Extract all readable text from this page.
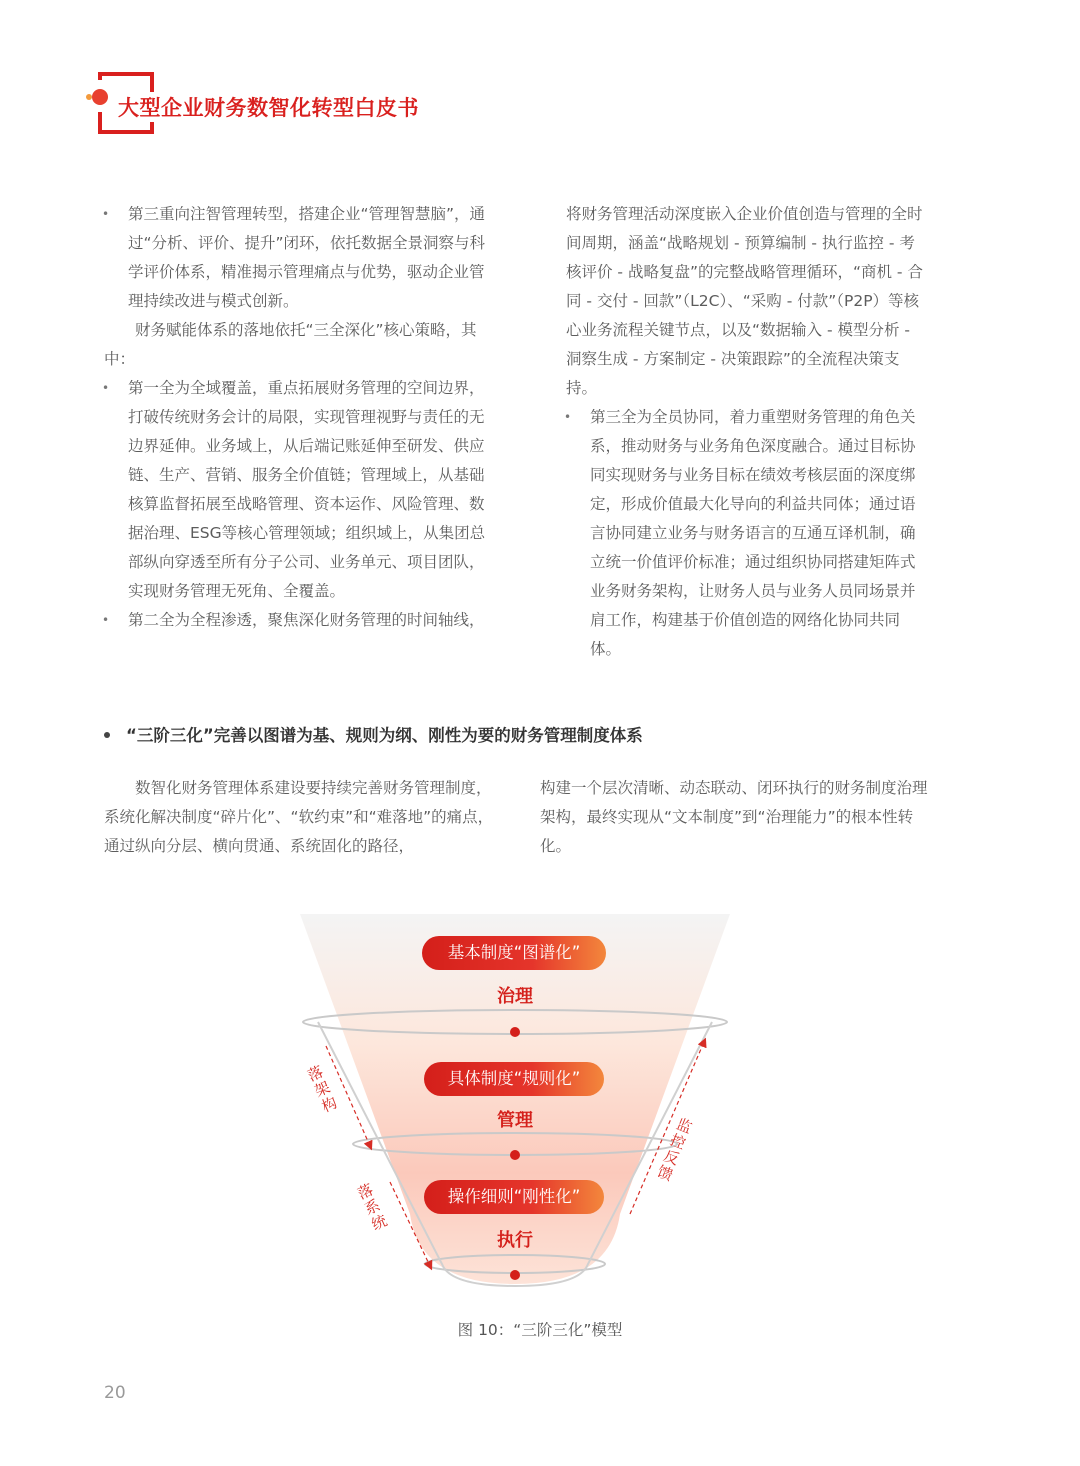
大型企业财务数智化转型白皮书

• 第三重向注智管理转型，搭建企业“管理智慧脑”，通过“分析、评价、提升”闭环，依托数据全景洞察与科学评价体系，精准揭示管理痛点与优势，驱动企业管理持续改进与模式创新。

财务赋能体系的落地依托“三全深化”核心策略，其中：

• 第一全为全域覆盖，重点拓展财务管理的空间边界，打破传统财务会计的局限，实现管理视野与责任的无边界延伸。业务域上，从后端记账延伸至研发、供应链、生产、营销、服务全价值链；管理域上，从基础核算监督拓展至战略管理、资本运作、风险管理、数据治理、ESG等核心管理领域；组织域上，从集团总部纵向穿透至所有分子公司、业务单元、项目团队，实现财务管理无死角、全覆盖。

• 第二全为全程渗透，聚焦深化财务管理的时间轴线，

将财务管理活动深度嵌入企业价值创造与管理的全时间周期，涵盖“战略规划 - 预算编制 - 执行监控 - 考核评价 - 战略复盘”的完整战略管理循环，“商机 - 合同 - 交付 - 回款”（L2C）、“采购 - 付款”（P2P）等核心业务流程关键节点，以及“数据输入 - 模型分析 - 洞察生成 - 方案制定 - 决策跟踪”的全流程决策支持。

• 第三全为全员协同，着力重塑财务管理的角色关系，推动财务与业务角色深度融合。通过目标协同实现财务与业务目标在绩效考核层面的深度绑定，形成价值最大化导向的利益共同体；通过语言协同建立业务与财务语言的互通互译机制，确立统一价值评价标准；通过组织协同搭建矩阵式业务财务架构，让财务人员与业务人员同场景并肩工作，构建基于价值创造的网络化协同共同体。

“三阶三化”完善以图谱为基、规则为纲、刚性为要的财务管理制度体系

数智化财务管理体系建设要持续完善财务管理制度，系统化解决制度“碎片化”、“软约束”和“难落地”的痛点，通过纵向分层、横向贯通、系统固化的路径，

构建一个层次清晰、动态联动、闭环执行的财务制度治理架构，最终实现从“文本制度”到“治理能力”的根本性转化。

基本制度“图谱化”
治理
具体制度“规则化”
管理
操作细则“刚性化”
执行
落架构
落系统
监控反馈
图 10：“三阶三化”模型
20
